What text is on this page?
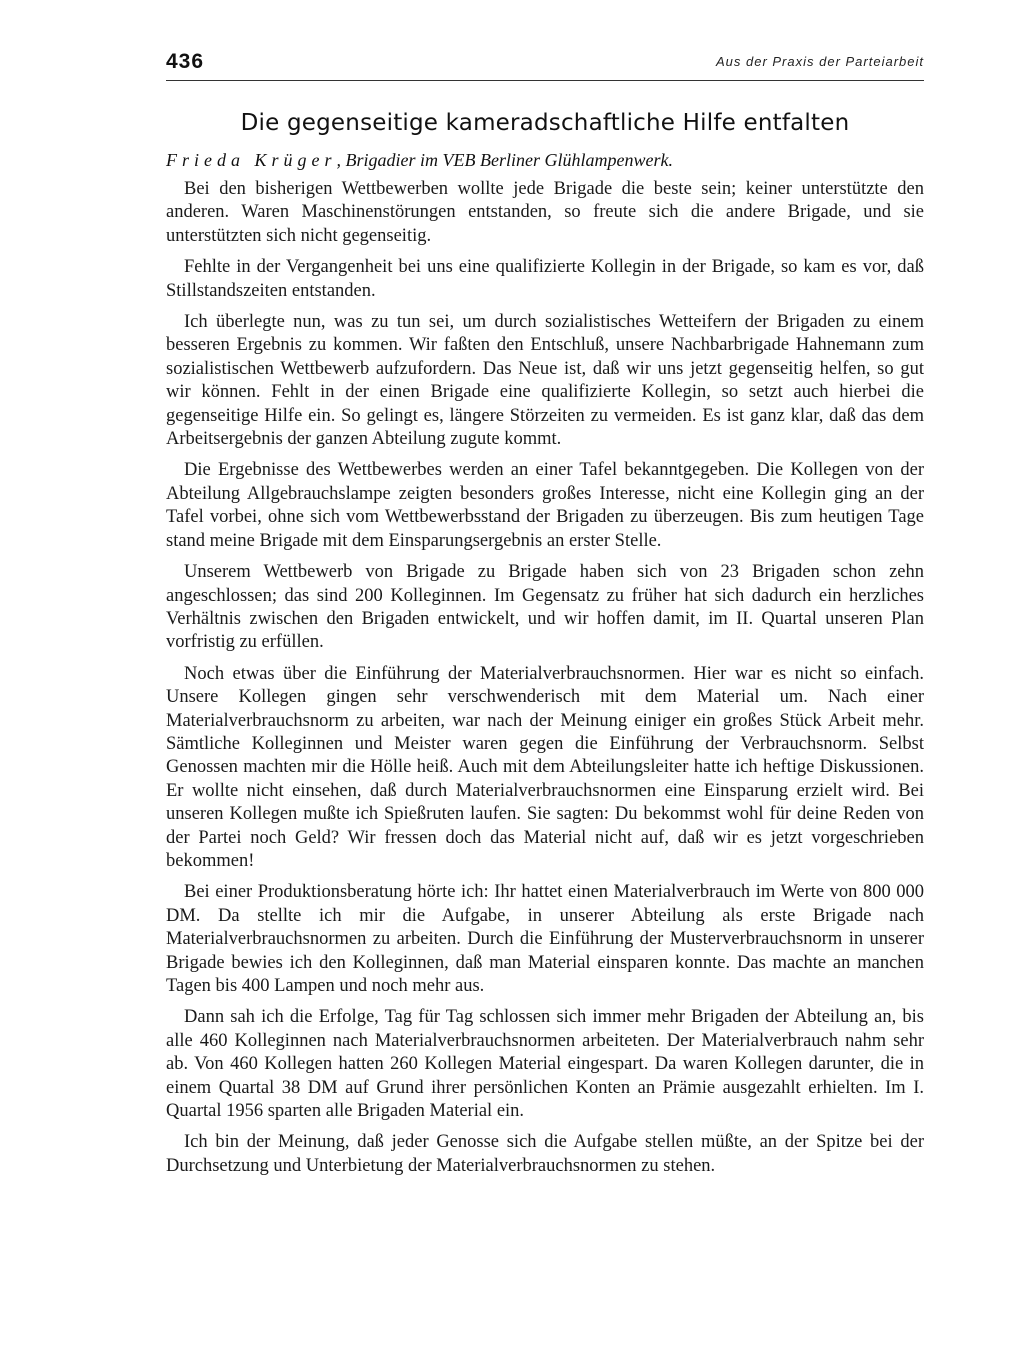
436	Aus der Praxis der Parteiarbeit
Die gegenseitige kameradschaftliche Hilfe entfalten
Frieda Krüger, Brigadier im VEB Berliner Glühlampenwerk.

Bei den bisherigen Wettbewerben wollte jede Brigade die beste sein; keiner unterstützte den anderen. Waren Maschinenstörungen entstanden, so freute sich die andere Brigade, und sie unterstützten sich nicht gegenseitig.

Fehlte in der Vergangenheit bei uns eine qualifizierte Kollegin in der Brigade, so kam es vor, daß Stillstandszeiten entstanden.

Ich überlegte nun, was zu tun sei, um durch sozialistisches Wetteifern der Brigaden zu einem besseren Ergebnis zu kommen. Wir faßten den Entschluß, unsere Nachbarbrigade Hahnemann zum sozialistischen Wettbewerb aufzufordern. Das Neue ist, daß wir uns jetzt gegenseitig helfen, so gut wir können. Fehlt in der einen Brigade eine qualifizierte Kollegin, so setzt auch hierbei die gegenseitige Hilfe ein. So gelingt es, längere Störzeiten zu vermeiden. Es ist ganz klar, daß das dem Arbeitsergebnis der ganzen Abteilung zugute kommt.

Die Ergebnisse des Wettbewerbes werden an einer Tafel bekanntgegeben. Die Kollegen von der Abteilung Allgebrauchslampe zeigten besonders großes Interesse, nicht eine Kollegin ging an der Tafel vorbei, ohne sich vom Wettbewerbsstand der Brigaden zu überzeugen. Bis zum heutigen Tage stand meine Brigade mit dem Einsparungsergebnis an erster Stelle.

Unserem Wettbewerb von Brigade zu Brigade haben sich von 23 Brigaden schon zehn angeschlossen; das sind 200 Kolleginnen. Im Gegensatz zu früher hat sich dadurch ein herzliches Verhältnis zwischen den Brigaden entwickelt, und wir hoffen damit, im II. Quartal unseren Plan vorfristig zu erfüllen.

Noch etwas über die Einführung der Materialverbrauchsnormen. Hier war es nicht so einfach. Unsere Kollegen gingen sehr verschwenderisch mit dem Material um. Nach einer Materialverbrauchsnorm zu arbeiten, war nach der Meinung einiger ein großes Stück Arbeit mehr. Sämtliche Kolleginnen und Meister waren gegen die Einführung der Verbrauchsnorm. Selbst Genossen machten mir die Hölle heiß. Auch mit dem Abteilungsleiter hatte ich heftige Diskussionen. Er wollte nicht einsehen, daß durch Materialverbrauchsnormen eine Einsparung erzielt wird. Bei unseren Kollegen mußte ich Spießruten laufen. Sie sagten: Du bekommst wohl für deine Reden von der Partei noch Geld? Wir fressen doch das Material nicht auf, daß wir es jetzt vorgeschrieben bekommen!

Bei einer Produktionsberatung hörte ich: Ihr hattet einen Materialverbrauch im Werte von 800 000 DM. Da stellte ich mir die Aufgabe, in unserer Abteilung als erste Brigade nach Materialverbrauchsnormen zu arbeiten. Durch die Einführung der Musterverbrauchsnorm in unserer Brigade bewies ich den Kolleginnen, daß man Material einsparen konnte. Das machte an manchen Tagen bis 400 Lampen und noch mehr aus.

Dann sah ich die Erfolge, Tag für Tag schlossen sich immer mehr Brigaden der Abteilung an, bis alle 460 Kolleginnen nach Materialverbrauchsnormen arbeiteten. Der Materialverbrauch nahm sehr ab. Von 460 Kollegen hatten 260 Kollegen Material eingespart. Da waren Kollegen darunter, die in einem Quartal 38 DM auf Grund ihrer persönlichen Konten an Prämie ausgezahlt erhielten. Im I. Quartal 1956 sparten alle Brigaden Material ein.

Ich bin der Meinung, daß jeder Genosse sich die Aufgabe stellen müßte, an der Spitze bei der Durchsetzung und Unterbietung der Materialverbrauchsnormen zu stehen.
